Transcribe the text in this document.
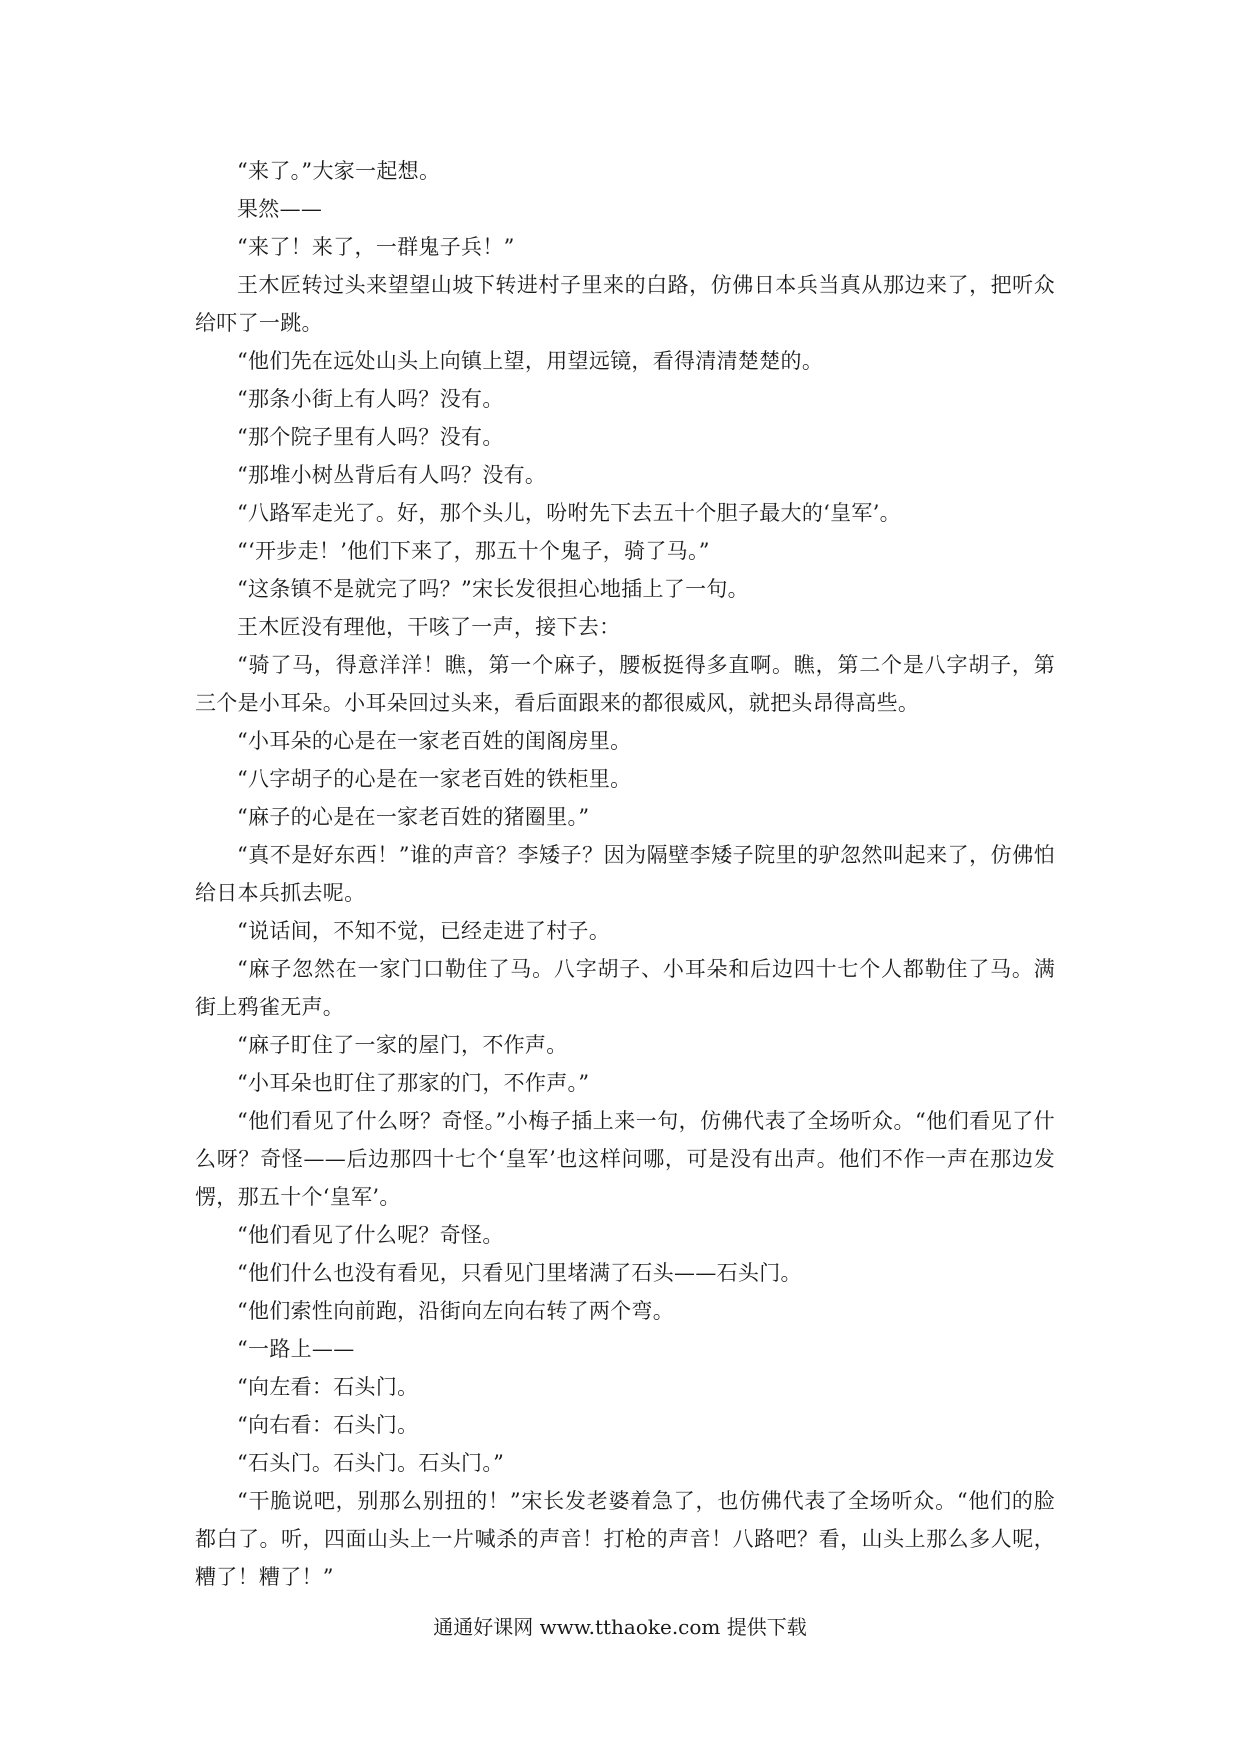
“来了。”大家一起想。

果然——

“来了！来了，一群鬼子兵！”

王木匠转过头来望望山坡下转进村子里来的白路，仿佛日本兵当真从那边来了，把听众给吓了一跳。

“他们先在远处山头上向镇上望，用望远镜，看得清清楚楚的。

“那条小街上有人吗？没有。

“那个院子里有人吗？没有。

“那堆小树丛背后有人吗？没有。

“八路军走光了。好，那个头儿，吩咐先下去五十个胆子最大的‘皇军’。

“‘开步走！’他们下来了，那五十个鬼子，骑了马。”

“这条镇不是就完了吗？”宋长发很担心地插上了一句。

王木匠没有理他，干咳了一声，接下去：

“骑了马，得意洋洋！瞧，第一个麻子，腰板挺得多直啊。瞧，第二个是八字胡子，第三个是小耳朵。小耳朵回过头来，看后面跟来的都很威风，就把头昂得高些。

“小耳朵的心是在一家老百姓的闺阁房里。

“八字胡子的心是在一家老百姓的铁柜里。

“麻子的心是在一家老百姓的猪圈里。”

“真不是好东西！”谁的声音？李矮子？因为隔壁李矮子院里的驴忽然叫起来了，仿佛怕给日本兵抓去呢。

“说话间，不知不觉，已经走进了村子。

“麻子忽然在一家门口勒住了马。八字胡子、小耳朵和后边四十七个人都勒住了马。满街上鸦雀无声。

“麻子盯住了一家的屋门，不作声。

“小耳朵也盯住了那家的门，不作声。”

“他们看见了什么呀？奇怪。”小梅子插上来一句，仿佛代表了全场听众。“他们看见了什么呀？奇怪——后边那四十七个‘皇军’也这样问哪，可是没有出声。他们不作一声在那边发愣，那五十个‘皇军’。

“他们看见了什么呢？奇怪。

“他们什么也没有看见，只看见门里堵满了石头——石头门。

“他们索性向前跑，沿街向左向右转了两个弯。

“一路上——

“向左看：石头门。

“向右看：石头门。

“石头门。石头门。石头门。”

“干脆说吧，别那么别扭的！”宋长发老婆着急了，也仿佛代表了全场听众。“他们的脸都白了。听，四面山头上一片喊杀的声音！打枪的声音！八路吧？看，山头上那么多人呢，糟了！糟了！”

通通好课网 www.tthaoke.com 提供下载
